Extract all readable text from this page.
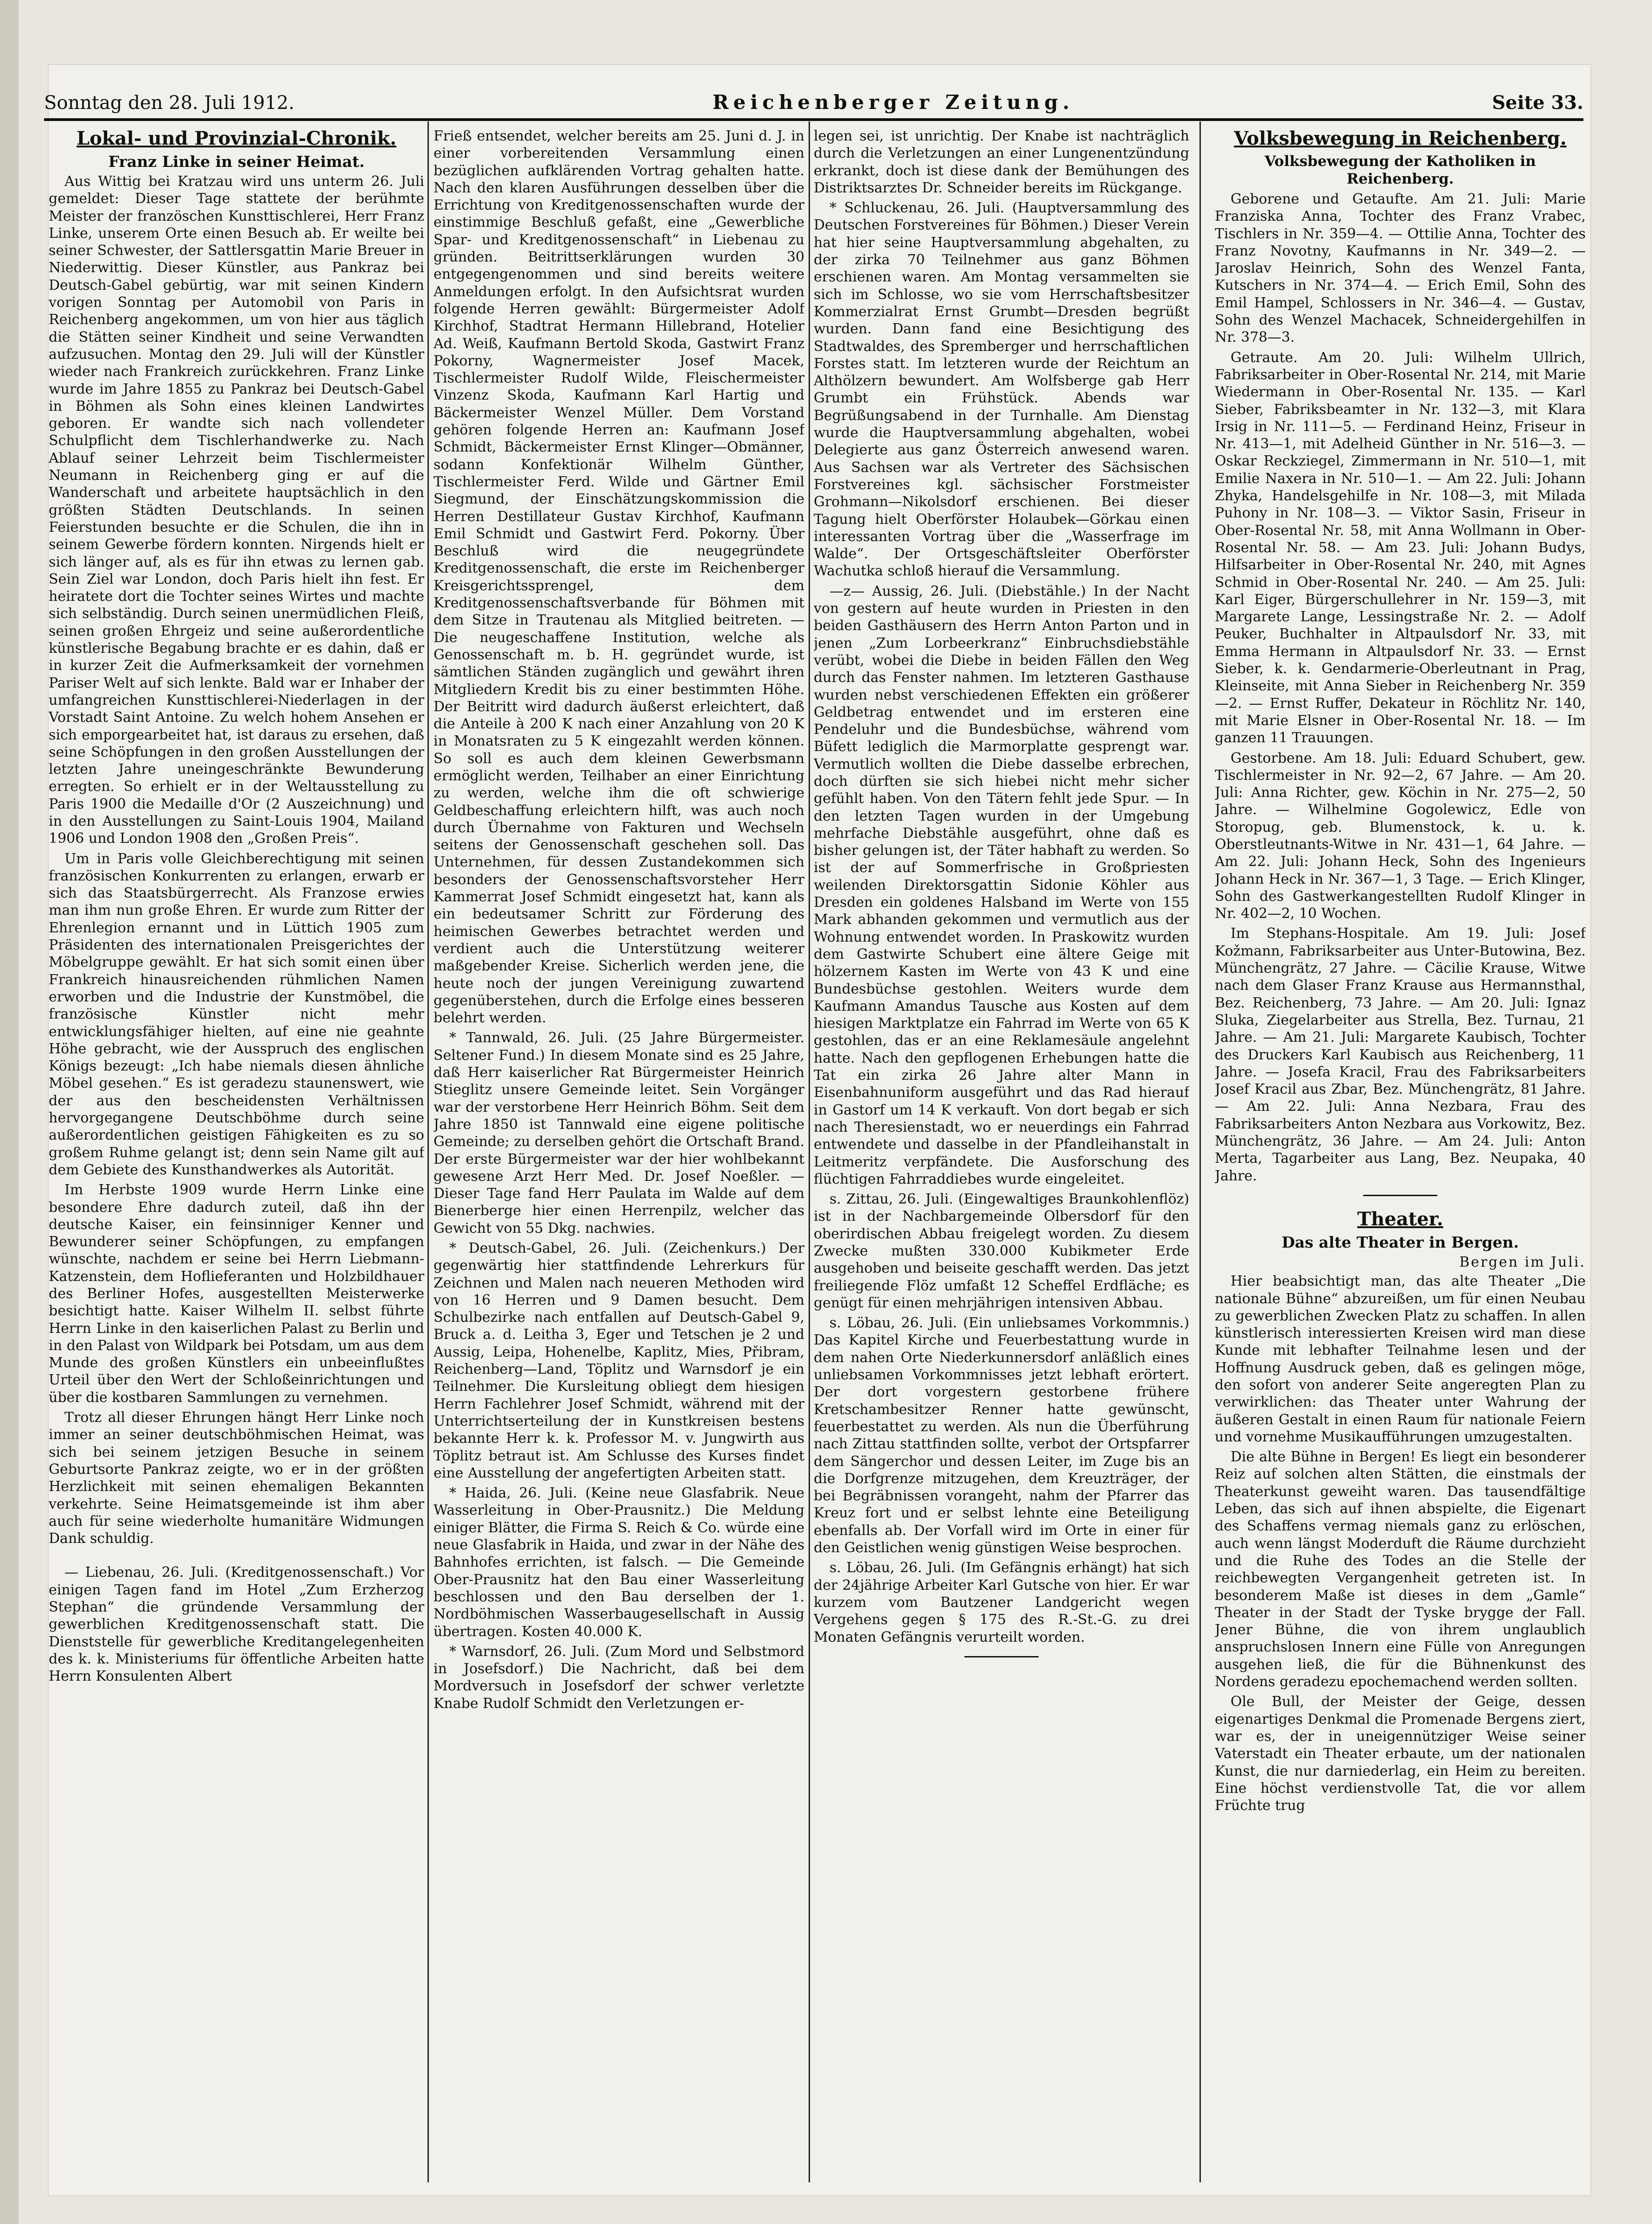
Sonntag den 28. Juli 1912.	Reichenberger Zeitung.	Seite 33.
Lokal- und Provinzial-Chronik.
Franz Linke in seiner Heimat.

Aus Wittig bei Kratzau wird uns unterm 26. Juli gemeldet: Dieser Tage stattete der berühmte Meister der französchen Kunsttischlerei, Herr Franz Linke, unserem Orte einen Besuch ab. Er weilte bei seiner Schwester, der Sattlersgattin Marie Breuer in Niederwittig. Dieser Künstler, aus Pankraz bei Deutsch-Gabel gebürtig, war mit seinen Kindern vorigen Sonntag per Automobil von Paris in Reichenberg angekommen, um von hier aus täglich die Stätten seiner Kindheit und seine Verwandten aufzusuchen. Montag den 29. Juli will der Künstler wieder nach Frankreich zurückkehren. Franz Linke wurde im Jahre 1855 zu Pankraz bei Deutsch-Gabel in Böhmen als Sohn eines kleinen Landwirtes geboren. Er wandte sich nach vollendeter Schulpflicht dem Tischlerhandwerke zu. Nach Ablauf seiner Lehrzeit beim Tischlermeister Neumann in Reichenberg ging er auf die Wanderschaft und arbeitete hauptsächlich in den größten Städten Deutschlands. In seinen Feierstunden besuchte er die Schulen, die ihn in seinem Gewerbe fördern konnten. Nirgends hielt er sich länger auf, als es für ihn etwas zu lernen gab. Sein Ziel war London, doch Paris hielt ihn fest. Er heiratete dort die Tochter seines Wirtes und machte sich selbständig. Durch seinen unermüdlichen Fleiß, seinen großen Ehrgeiz und seine außerordentliche künstlerische Begabung brachte er es dahin, daß er in kurzer Zeit die Aufmerksamkeit der vornehmen Pariser Welt auf sich lenkte. Bald war er Inhaber der umfangreichen Kunsttischlerei-Niederlagen in der Vorstadt Saint Antoine. Zu welch hohem Ansehen er sich emporgearbeitet hat, ist daraus zu ersehen, daß seine Schöpfungen in den großen Ausstellungen der letzten Jahre uneingeschränkte Bewunderung erregten. So erhielt er in der Weltausstellung zu Paris 1900 die Medaille d'Or (2 Auszeichnung) und in den Ausstellungen zu Saint-Louis 1904, Mailand 1906 und London 1908 den „Großen Preis“.

Um in Paris volle Gleichberechtigung mit seinen französischen Konkurrenten zu erlangen, erwarb er sich das Staatsbürgerrecht. Als Franzose erwies man ihm nun große Ehren. Er wurde zum Ritter der Ehrenlegion ernannt und in Lüttich 1905 zum Präsidenten des internationalen Preisgerichtes der Möbelgruppe gewählt. Er hat sich somit einen über Frankreich hinausreichenden rühmlichen Namen erworben und die Industrie der Kunstmöbel, die französische Künstler nicht mehr entwicklungsfähiger hielten, auf eine nie geahnte Höhe gebracht, wie der Ausspruch des englischen Königs bezeugt: „Ich habe niemals diesen ähnliche Möbel gesehen.“ Es ist geradezu staunenswert, wie der aus den bescheidensten Verhältnissen hervorgegangene Deutschböhme durch seine außerordentlichen geistigen Fähigkeiten es zu so großem Ruhme gelangt ist; denn sein Name gilt auf dem Gebiete des Kunsthandwerkes als Autorität.

Im Herbste 1909 wurde Herrn Linke eine besondere Ehre dadurch zuteil, daß ihn der deutsche Kaiser, ein feinsinniger Kenner und Bewunderer seiner Schöpfungen, zu empfangen wünschte, nachdem er seine bei Herrn Liebmann-Katzenstein, dem Hoflieferanten und Holzbildhauer des Berliner Hofes, ausgestellten Meisterwerke besichtigt hatte. Kaiser Wilhelm II. selbst führte Herrn Linke in den kaiserlichen Palast zu Berlin und in den Palast von Wildpark bei Potsdam, um aus dem Munde des großen Künstlers ein unbeeinflußtes Urteil über den Wert der Schloßeinrichtungen und über die kostbaren Sammlungen zu vernehmen.

Trotz all dieser Ehrungen hängt Herr Linke noch immer an seiner deutschböhmischen Heimat, was sich bei seinem jetzigen Besuche in seinem Geburtsorte Pankraz zeigte, wo er in der größten Herzlichkeit mit seinen ehemaligen Bekannten verkehrte. Seine Heimatsgemeinde ist ihm aber auch für seine wiederholte humanitäre Widmungen Dank schuldig.

— Liebenau, 26. Juli. (Kreditgenossenschaft.) Vor einigen Tagen fand im Hotel „Zum Erzherzog Stephan“ die gründende Versammlung der gewerblichen Kreditgenossenschaft statt. Die Dienststelle für gewerbliche Kreditangelegenheiten des k. k. Ministeriums für öffentliche Arbeiten hatte Herrn Konsulenten Albert

Frieß entsendet, welcher bereits am 25. Juni d. J. in einer vorbereitenden Versammlung einen bezüglichen aufklärenden Vortrag gehalten hatte. Nach den klaren Ausführungen desselben über die Errichtung von Kreditgenossenschaften wurde der einstimmige Beschluß gefaßt, eine „Gewerbliche Spar- und Kreditgenossenschaft“ in Liebenau zu gründen. Beitrittserklärungen wurden 30 entgegengenommen und sind bereits weitere Anmeldungen erfolgt. In den Aufsichtsrat wurden folgende Herren gewählt: Bürgermeister Adolf Kirchhof, Stadtrat Hermann Hillebrand, Hotelier Ad. Weiß, Kaufmann Bertold Skoda, Gastwirt Franz Pokorny, Wagnermeister Josef Macek, Tischlermeister Rudolf Wilde, Fleischermeister Vinzenz Skoda, Kaufmann Karl Hartig und Bäckermeister Wenzel Müller. Dem Vorstand gehören folgende Herren an: Kaufmann Josef Schmidt, Bäckermeister Ernst Klinger—Obmänner, sodann Konfektionär Wilhelm Günther, Tischlermeister Ferd. Wilde und Gärtner Emil Siegmund, der Einschätzungskommission die Herren Destillateur Gustav Kirchhof, Kaufmann Emil Schmidt und Gastwirt Ferd. Pokorny. Über Beschluß wird die neugegründete Kreditgenossenschaft, die erste im Reichenberger Kreisgerichtssprengel, dem Kreditgenossenschaftsverbande für Böhmen mit dem Sitze in Trautenau als Mitglied beitreten. — Die neugeschaffene Institution, welche als Genossenschaft m. b. H. gegründet wurde, ist sämtlichen Ständen zugänglich und gewährt ihren Mitgliedern Kredit bis zu einer bestimmten Höhe. Der Beitritt wird dadurch äußerst erleichtert, daß die Anteile à 200 K nach einer Anzahlung von 20 K in Monatsraten zu 5 K eingezahlt werden können. So soll es auch dem kleinen Gewerbsmann ermöglicht werden, Teilhaber an einer Einrichtung zu werden, welche ihm die oft schwierige Geldbeschaffung erleichtern hilft, was auch noch durch Übernahme von Fakturen und Wechseln seitens der Genossenschaft geschehen soll. Das Unternehmen, für dessen Zustandekommen sich besonders der Genossenschaftsvorsteher Herr Kammerrat Josef Schmidt eingesetzt hat, kann als ein bedeutsamer Schritt zur Förderung des heimischen Gewerbes betrachtet werden und verdient auch die Unterstützung weiterer maßgebender Kreise. Sicherlich werden jene, die heute noch der jungen Vereinigung zuwartend gegenüberstehen, durch die Erfolge eines besseren belehrt werden.

* Tannwald, 26. Juli. (25 Jahre Bürgermeister. Seltener Fund.) In diesem Monate sind es 25 Jahre, daß Herr kaiserlicher Rat Bürgermeister Heinrich Stieglitz unsere Gemeinde leitet. Sein Vorgänger war der verstorbene Herr Heinrich Böhm. Seit dem Jahre 1850 ist Tannwald eine eigene politische Gemeinde; zu derselben gehört die Ortschaft Brand. Der erste Bürgermeister war der hier wohlbekannt gewesene Arzt Herr Med. Dr. Josef Noeßler. — Dieser Tage fand Herr Paulata im Walde auf dem Bienerberge hier einen Herrenpilz, welcher das Gewicht von 55 Dkg. nachwies.

* Deutsch-Gabel, 26. Juli. (Zeichenkurs.) Der gegenwärtig hier stattfindende Lehrerkurs für Zeichnen und Malen nach neueren Methoden wird von 16 Herren und 9 Damen besucht. Dem Schulbezirke nach entfallen auf Deutsch-Gabel 9, Bruck a. d. Leitha 3, Eger und Tetschen je 2 und Aussig, Leipa, Hohenelbe, Kaplitz, Mies, Přibram, Reichenberg—Land, Töplitz und Warnsdorf je ein Teilnehmer. Die Kursleitung obliegt dem hiesigen Herrn Fachlehrer Josef Schmidt, während mit der Unterrichtserteilung der in Kunstkreisen bestens bekannte Herr k. k. Professor M. v. Jungwirth aus Töplitz betraut ist. Am Schlusse des Kurses findet eine Ausstellung der angefertigten Arbeiten statt.

* Haida, 26. Juli. (Keine neue Glasfabrik. Neue Wasserleitung in Ober-Prausnitz.) Die Meldung einiger Blätter, die Firma S. Reich & Co. würde eine neue Glasfabrik in Haida, und zwar in der Nähe des Bahnhofes errichten, ist falsch. — Die Gemeinde Ober-Prausnitz hat den Bau einer Wasserleitung beschlossen und den Bau derselben der 1. Nordböhmischen Wasserbaugesellschaft in Aussig übertragen. Kosten 40.000 K.

* Warnsdorf, 26. Juli. (Zum Mord und Selbstmord in Josefsdorf.) Die Nachricht, daß bei dem Mordversuch in Josefsdorf der schwer verletzte Knabe Rudolf Schmidt den Verletzungen er-

legen sei, ist unrichtig. Der Knabe ist nachträglich durch die Verletzungen an einer Lungenentzündung erkrankt, doch ist diese dank der Bemühungen des Distriktsarztes Dr. Schneider bereits im Rückgange.

* Schluckenau, 26. Juli. (Hauptversammlung des Deutschen Forstvereines für Böhmen.) Dieser Verein hat hier seine Hauptversammlung abgehalten, zu der zirka 70 Teilnehmer aus ganz Böhmen erschienen waren. Am Montag versammelten sie sich im Schlosse, wo sie vom Herrschaftsbesitzer Kommerzialrat Ernst Grumbt—Dresden begrüßt wurden. Dann fand eine Besichtigung des Stadtwaldes, des Spremberger und herrschaftlichen Forstes statt. Im letzteren wurde der Reichtum an Althölzern bewundert. Am Wolfsberge gab Herr Grumbt ein Frühstück. Abends war Begrüßungsabend in der Turnhalle. Am Dienstag wurde die Hauptversammlung abgehalten, wobei Delegierte aus ganz Österreich anwesend waren. Aus Sachsen war als Vertreter des Sächsischen Forstvereines kgl. sächsischer Forstmeister Grohmann—Nikolsdorf erschienen. Bei dieser Tagung hielt Oberförster Holaubek—Görkau einen interessanten Vortrag über die „Wasserfrage im Walde“. Der Ortsgeschäftsleiter Oberförster Wachutka schloß hierauf die Versammlung.

—z— Aussig, 26. Juli. (Diebstähle.) In der Nacht von gestern auf heute wurden in Priesten in den beiden Gasthäusern des Herrn Anton Parton und in jenen „Zum Lorbeerkranz“ Einbruchsdiebstähle verübt, wobei die Diebe in beiden Fällen den Weg durch das Fenster nahmen. Im letzteren Gasthause wurden nebst verschiedenen Effekten ein größerer Geldbetrag entwendet und im ersteren eine Pendeluhr und die Bundesbüchse, während vom Büfett lediglich die Marmorplatte gesprengt war. Vermutlich wollten die Diebe dasselbe erbrechen, doch dürften sie sich hiebei nicht mehr sicher gefühlt haben. Von den Tätern fehlt jede Spur. — In den letzten Tagen wurden in der Umgebung mehrfache Diebstähle ausgeführt, ohne daß es bisher gelungen ist, der Täter habhaft zu werden. So ist der auf Sommerfrische in Großpriesten weilenden Direktorsgattin Sidonie Köhler aus Dresden ein goldenes Halsband im Werte von 155 Mark abhanden gekommen und vermutlich aus der Wohnung entwendet worden. In Praskowitz wurden dem Gastwirte Schubert eine ältere Geige mit hölzernem Kasten im Werte von 43 K und eine Bundesbüchse gestohlen. Weiters wurde dem Kaufmann Amandus Tausche aus Kosten auf dem hiesigen Marktplatze ein Fahrrad im Werte von 65 K gestohlen, das er an eine Reklamesäule angelehnt hatte. Nach den gepflogenen Erhebungen hatte die Tat ein zirka 26 Jahre alter Mann in Eisenbahnuniform ausgeführt und das Rad hierauf in Gastorf um 14 K verkauft. Von dort begab er sich nach Theresienstadt, wo er neuerdings ein Fahrrad entwendete und dasselbe in der Pfandleihanstalt in Leitmeritz verpfändete. Die Ausforschung des flüchtigen Fahrraddiebes wurde eingeleitet.

s. Zittau, 26. Juli. (Eingewaltiges Braunkohlenflöz) ist in der Nachbargemeinde Olbersdorf für den oberirdischen Abbau freigelegt worden. Zu diesem Zwecke mußten 330.000 Kubikmeter Erde ausgehoben und beiseite geschafft werden. Das jetzt freiliegende Flöz umfaßt 12 Scheffel Erdfläche; es genügt für einen mehrjährigen intensiven Abbau.

s. Löbau, 26. Juli. (Ein unliebsames Vorkommnis.) Das Kapitel Kirche und Feuerbestattung wurde in dem nahen Orte Niederkunnersdorf anläßlich eines unliebsamen Vorkommnisses jetzt lebhaft erörtert. Der dort vorgestern gestorbene frühere Kretschambesitzer Renner hatte gewünscht, feuerbestattet zu werden. Als nun die Überführung nach Zittau stattfinden sollte, verbot der Ortspfarrer dem Sängerchor und dessen Leiter, im Zuge bis an die Dorfgrenze mitzugehen, dem Kreuzträger, der bei Begräbnissen vorangeht, nahm der Pfarrer das Kreuz fort und er selbst lehnte eine Beteiligung ebenfalls ab. Der Vorfall wird im Orte in einer für den Geistlichen wenig günstigen Weise besprochen.

s. Löbau, 26. Juli. (Im Gefängnis erhängt) hat sich der 24jährige Arbeiter Karl Gutsche von hier. Er war kurzem vom Bautzener Landgericht wegen Vergehens gegen § 175 des R.-St.-G. zu drei Monaten Gefängnis verurteilt worden.

Volksbewegung in Reichenberg.
Volksbewegung der Katholiken in Reichenberg.

Geborene und Getaufte. Am 21. Juli: Marie Franziska Anna, Tochter des Franz Vrabec, Tischlers in Nr. 359—4. — Ottilie Anna, Tochter des Franz Novotny, Kaufmanns in Nr. 349—2. — Jaroslav Heinrich, Sohn des Wenzel Fanta, Kutschers in Nr. 374—4. — Erich Emil, Sohn des Emil Hampel, Schlossers in Nr. 346—4. — Gustav, Sohn des Wenzel Machacek, Schneidergehilfen in Nr. 378—3.

Getraute. Am 20. Juli: Wilhelm Ullrich, Fabriksarbeiter in Ober-Rosental Nr. 214, mit Marie Wiedermann in Ober-Rosental Nr. 135. — Karl Sieber, Fabriksbeamter in Nr. 132—3, mit Klara Irsig in Nr. 111—5. — Ferdinand Heinz, Friseur in Nr. 413—1, mit Adelheid Günther in Nr. 516—3. — Oskar Reckziegel, Zimmermann in Nr. 510—1, mit Emilie Naxera in Nr. 510—1. — Am 22. Juli: Johann Zhyka, Handelsgehilfe in Nr. 108—3, mit Milada Puhony in Nr. 108—3. — Viktor Sasin, Friseur in Ober-Rosental Nr. 58, mit Anna Wollmann in Ober-Rosental Nr. 58. — Am 23. Juli: Johann Budys, Hilfsarbeiter in Ober-Rosental Nr. 240, mit Agnes Schmid in Ober-Rosental Nr. 240. — Am 25. Juli: Karl Eiger, Bürgerschullehrer in Nr. 159—3, mit Margarete Lange, Lessingstraße Nr. 2. — Adolf Peuker, Buchhalter in Altpaulsdorf Nr. 33, mit Emma Hermann in Altpaulsdorf Nr. 33. — Ernst Sieber, k. k. Gendarmerie-Oberleutnant in Prag, Kleinseite, mit Anna Sieber in Reichenberg Nr. 359—2. — Ernst Ruffer, Dekateur in Röchlitz Nr. 140, mit Marie Elsner in Ober-Rosental Nr. 18. — Im ganzen 11 Trauungen.

Gestorbene. Am 18. Juli: Eduard Schubert, gew. Tischlermeister in Nr. 92—2, 67 Jahre. — Am 20. Juli: Anna Richter, gew. Köchin in Nr. 275—2, 50 Jahre. — Wilhelmine Gogolewicz, Edle von Storopug, geb. Blumenstock, k. u. k. Oberstleutnants-Witwe in Nr. 431—1, 64 Jahre. — Am 22. Juli: Johann Heck, Sohn des Ingenieurs Johann Heck in Nr. 367—1, 3 Tage. — Erich Klinger, Sohn des Gastwerkangestellten Rudolf Klinger in Nr. 402—2, 10 Wochen.

Im Stephans-Hospitale. Am 19. Juli: Josef Kožmann, Fabriksarbeiter aus Unter-Butowina, Bez. Münchengrätz, 27 Jahre. — Cäcilie Krause, Witwe nach dem Glaser Franz Krause aus Hermannsthal, Bez. Reichenberg, 73 Jahre. — Am 20. Juli: Ignaz Sluka, Ziegelarbeiter aus Strella, Bez. Turnau, 21 Jahre. — Am 21. Juli: Margarete Kaubisch, Tochter des Druckers Karl Kaubisch aus Reichenberg, 11 Jahre. — Josefa Kracil, Frau des Fabriksarbeiters Josef Kracil aus Zbar, Bez. Münchengrätz, 81 Jahre. — Am 22. Juli: Anna Nezbara, Frau des Fabriksarbeiters Anton Nezbara aus Vorkowitz, Bez. Münchengrätz, 36 Jahre. — Am 24. Juli: Anton Merta, Tagarbeiter aus Lang, Bez. Neupaka, 40 Jahre.

Theater.
Das alte Theater in Bergen.
Bergen im Juli.

Hier beabsichtigt man, das alte Theater „Die nationale Bühne“ abzureißen, um für einen Neubau zu gewerblichen Zwecken Platz zu schaffen. In allen künstlerisch interessierten Kreisen wird man diese Kunde mit lebhafter Teilnahme lesen und der Hoffnung Ausdruck geben, daß es gelingen möge, den sofort von anderer Seite angeregten Plan zu verwirklichen: das Theater unter Wahrung der äußeren Gestalt in einen Raum für nationale Feiern und vornehme Musikaufführungen umzugestalten.

Die alte Bühne in Bergen! Es liegt ein besonderer Reiz auf solchen alten Stätten, die einstmals der Theaterkunst geweiht waren. Das tausendfältige Leben, das sich auf ihnen abspielte, die Eigenart des Schaffens vermag niemals ganz zu erlöschen, auch wenn längst Moderduft die Räume durchzieht und die Ruhe des Todes an die Stelle der reichbewegten Vergangenheit getreten ist. In besonderem Maße ist dieses in dem „Gamle“ Theater in der Stadt der Tyske brygge der Fall. Jener Bühne, die von ihrem unglaublich anspruchslosen Innern eine Fülle von Anregungen ausgehen ließ, die für die Bühnenkunst des Nordens geradezu epochemachend werden sollten.

Ole Bull, der Meister der Geige, dessen eigenartiges Denkmal die Promenade Bergens ziert, war es, der in uneigennütziger Weise seiner Vaterstadt ein Theater erbaute, um der nationalen Kunst, die nur darniederlag, ein Heim zu bereiten. Eine höchst verdienstvolle Tat, die vor allem Früchte trug
